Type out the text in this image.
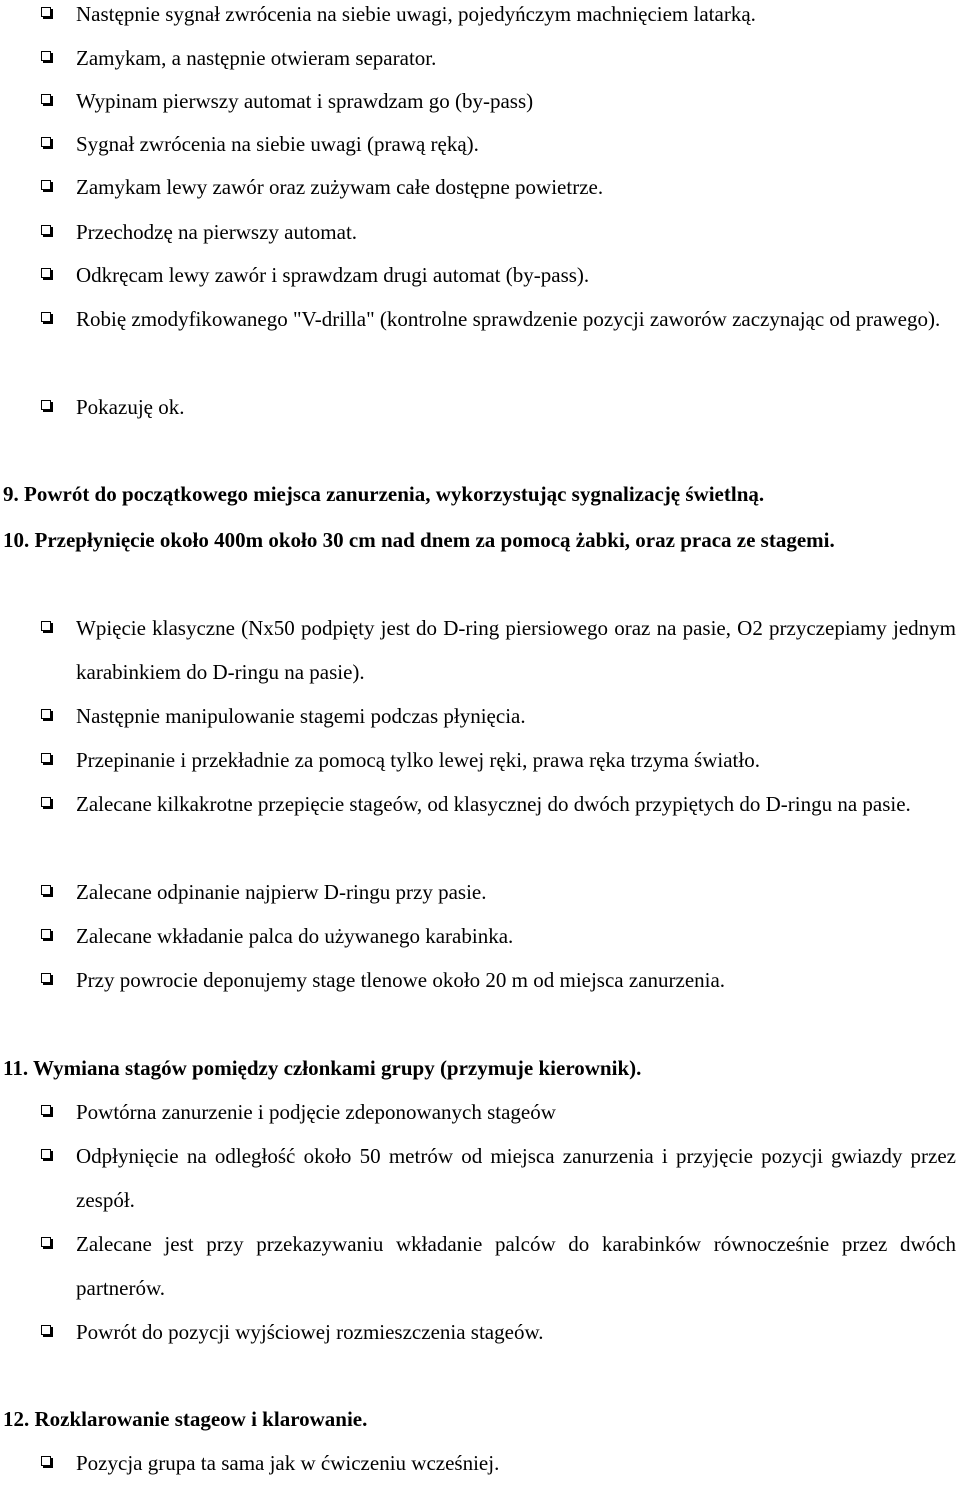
Następnie sygnał zwrócenia na siebie uwagi, pojedyńczym machnięciem latarką.
Zamykam, a następnie otwieram separator.
Wypinam pierwszy automat i sprawdzam go (by-pass)
Sygnał zwrócenia na siebie uwagi (prawą ręką).
Zamykam lewy zawór oraz zużywam całe dostępne powietrze.
Przechodzę na pierwszy automat.
Odkręcam lewy zawór i sprawdzam drugi automat (by-pass).
Robię zmodyfikowanego "V-drilla" (kontrolne sprawdzenie pozycji zaworów zaczynając od prawego).
Pokazuję ok.
9. Powrót do początkowego miejsca zanurzenia, wykorzystując sygnalizację świetlną.
10. Przepłynięcie około 400m około 30 cm nad dnem za pomocą żabki, oraz praca ze stagemi.
Wpięcie klasyczne (Nx50 podpięty jest do D-ring piersiowego oraz na pasie, O2 przyczepiamy jednym karabinkiem do D-ringu na pasie).
Następnie manipulowanie stagemi podczas płynięcia.
Przepinanie i przekładnie za pomocą tylko lewej ręki, prawa ręka trzyma światło.
Zalecane kilkakrotne przepięcie stageów, od klasycznej do dwóch przypiętych do D-ringu na pasie.
Zalecane odpinanie najpierw D-ringu przy pasie.
Zalecane wkładanie palca do używanego karabinka.
Przy powrocie deponujemy stage tlenowe około 20 m od miejsca zanurzenia.
11. Wymiana stagów pomiędzy członkami grupy (przymuje kierownik).
Powtórna zanurzenie i podjęcie zdeponowanych stageów
Odpłynięcie na odległość około 50 metrów od miejsca zanurzenia i przyjęcie pozycji gwiazdy przez zespół.
Zalecane jest przy przekazywaniu wkładanie palców do karabinków równocześnie przez dwóch partnerów.
Powrót do pozycji wyjściowej rozmieszczenia stageów.
12. Rozklarowanie stageow i klarowanie.
Pozycja grupa ta sama jak w ćwiczeniu wcześniej.
